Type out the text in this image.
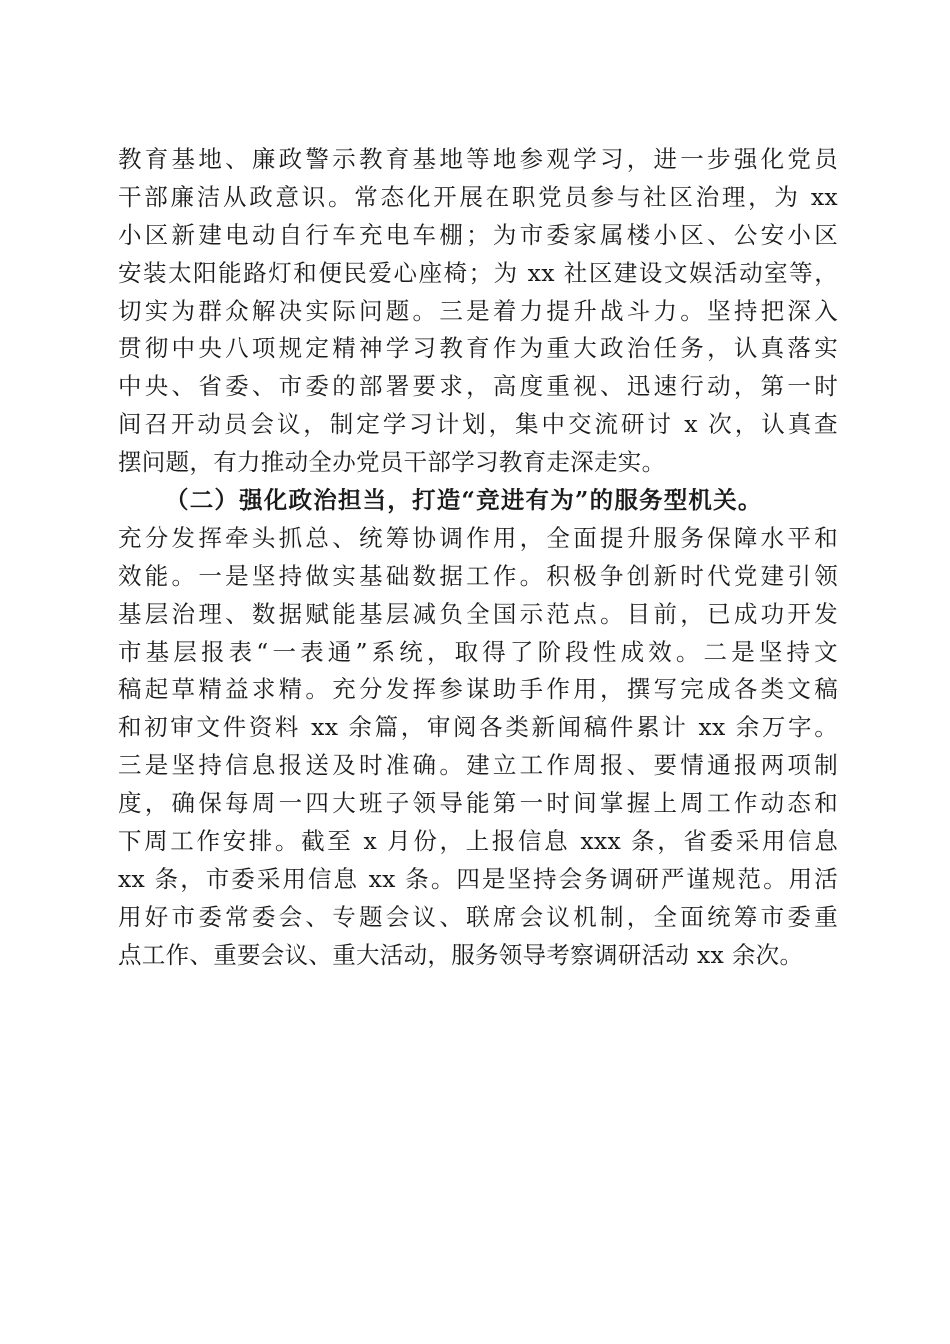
教育基地、廉政警示教育基地等地参观学习，进一步强化党员
干部廉洁从政意识。常态化开展在职党员参与社区治理，为 xx
小区新建电动自行车充电车棚；为市委家属楼小区、公安小区
安装太阳能路灯和便民爱心座椅；为 xx 社区建设文娱活动室等，
切实为群众解决实际问题。三是着力提升战斗力。坚持把深入
贯彻中央八项规定精神学习教育作为重大政治任务，认真落实
中央、省委、市委的部署要求，高度重视、迅速行动，第一时
间召开动员会议，制定学习计划，集中交流研讨 x 次，认真查
摆问题，有力推动全办党员干部学习教育走深走实。
（二）强化政治担当，打造“竞进有为”的服务型机关。
充分发挥牵头抓总、统筹协调作用，全面提升服务保障水平和
效能。一是坚持做实基础数据工作。积极争创新时代党建引领
基层治理、数据赋能基层减负全国示范点。目前，已成功开发
市基层报表“一表通”系统，取得了阶段性成效。二是坚持文
稿起草精益求精。充分发挥参谋助手作用，撰写完成各类文稿
和初审文件资料 xx 余篇，审阅各类新闻稿件累计 xx 余万字。
三是坚持信息报送及时准确。建立工作周报、要情通报两项制
度，确保每周一四大班子领导能第一时间掌握上周工作动态和
下周工作安排。截至 x 月份，上报信息 xxx 条，省委采用信息
xx 条，市委采用信息 xx 条。四是坚持会务调研严谨规范。用活
用好市委常委会、专题会议、联席会议机制，全面统筹市委重
点工作、重要会议、重大活动，服务领导考察调研活动 xx 余次。
